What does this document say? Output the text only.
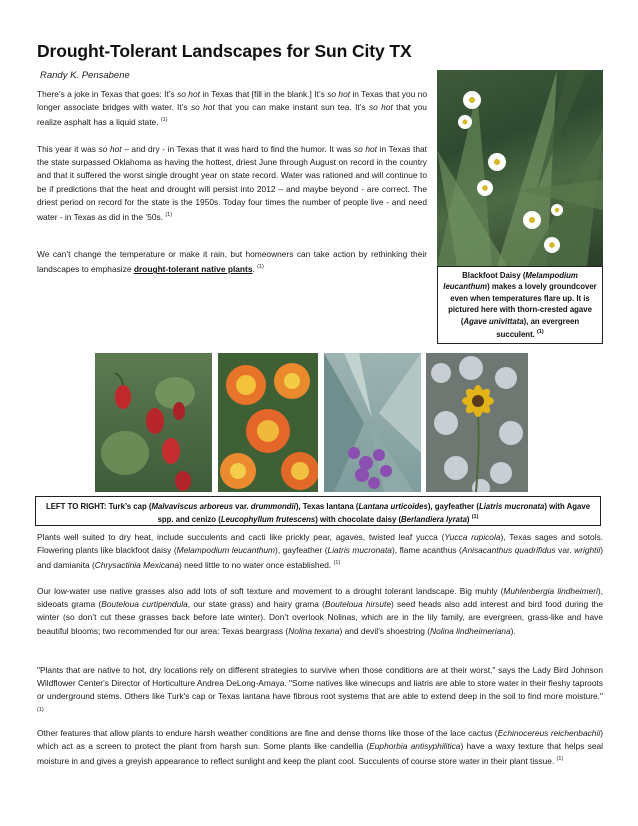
Drought-Tolerant Landscapes for Sun City TX
Randy K. Pensabene

There’s a joke in Texas that goes: It’s so hot in Texas that [fill in the blank.] It’s so hot in Texas that you no longer associate bridges with water. It’s so hot that you can make instant sun tea. It’s so hot that you realize asphalt has a liquid state. $^{(1)}$

This year it was so hot – and dry - in Texas that it was hard to find the humor. It was so hot in Texas that the state surpassed Oklahoma as having the hottest, driest June through August on record in the country and that it suffered the worst single drought year on state record. Water was rationed and will continue to be if predictions that the heat and drought will persist into 2012 – and maybe beyond - are correct. The driest period on record for the state is the 1950s. Today four times the number of people live - and need water - in Texas as did in the ’50s. $^{(1)}$

We can’t change the temperature or make it rain, but homeowners can take action by rethinking their landscapes to emphasize drought-tolerant native plants. $^{(1)}$

Blackfoot Daisy (Melampodium leucanthum) makes a lovely groundcover even when temperatures flare up. It is pictured here with thorn-crested agave (Agave univittata), an evergreen succulent. $^{(1)}$
LEFT TO RIGHT: Turk’s cap (Malvaviscus arboreus var. drummondii), Texas lantana (Lantana urticoides), gayfeather (Liatris mucronata) with Agave spp. and cenizo (Leucophyllum frutescens) with chocolate daisy (Berlandiera lyrata) $^{(1)}$

Plants well suited to dry heat, include succulents and cacti like prickly pear, agaves, twisted leaf yucca (Yucca rupicola), Texas sages and sotols. Flowering plants like blackfoot daisy (Melampodium leucanthum), gayfeather (Liatris mucronata), flame acanthus (Anisacanthus quadrifidus var. wrightii) and damianita (Chrysactinia Mexicana) need little to no water once established. $^{(1)}$

Our low-water use native grasses also add lots of soft texture and movement to a drought tolerant landscape. Big muhly (Muhlenbergia lindheimeri), sideoats grama (Bouteloua curtipendula, our state grass) and hairy grama (Bouteloua hirsute) seed heads also add interest and bird food during the winter (so don’t cut these grasses back before late winter). Don’t overlook Nolinas, which are in the lily family, are evergreen, grass-like and have beautiful blooms; two recommended for our area: Texas beargrass (Nolina texana) and devil’s shoestring (Nolina lindheimeriana).

"Plants that are native to hot, dry locations rely on different strategies to survive when those conditions are at their worst," says the Lady Bird Johnson Wildflower Center's Director of Horticulture Andrea DeLong-Amaya. "Some natives like winecups and liatris are able to store water in their fleshy taproots or underground stems. Others like Turk's cap or Texas lantana have fibrous root systems that are able to extend deep in the soil to find more moisture." $^{(1)}$

Other features that allow plants to endure harsh weather conditions are fine and dense thorns like those of the lace cactus (Echinocereus reichenbachii) which act as a screen to protect the plant from harsh sun. Some plants like candellia (Euphorbia antisyphilitica) have a waxy texture that helps seal moisture in and gives a greyish appearance to reflect sunlight and keep the plant cool. Succulents of course store water in their plant tissue. $^{(1)}$
